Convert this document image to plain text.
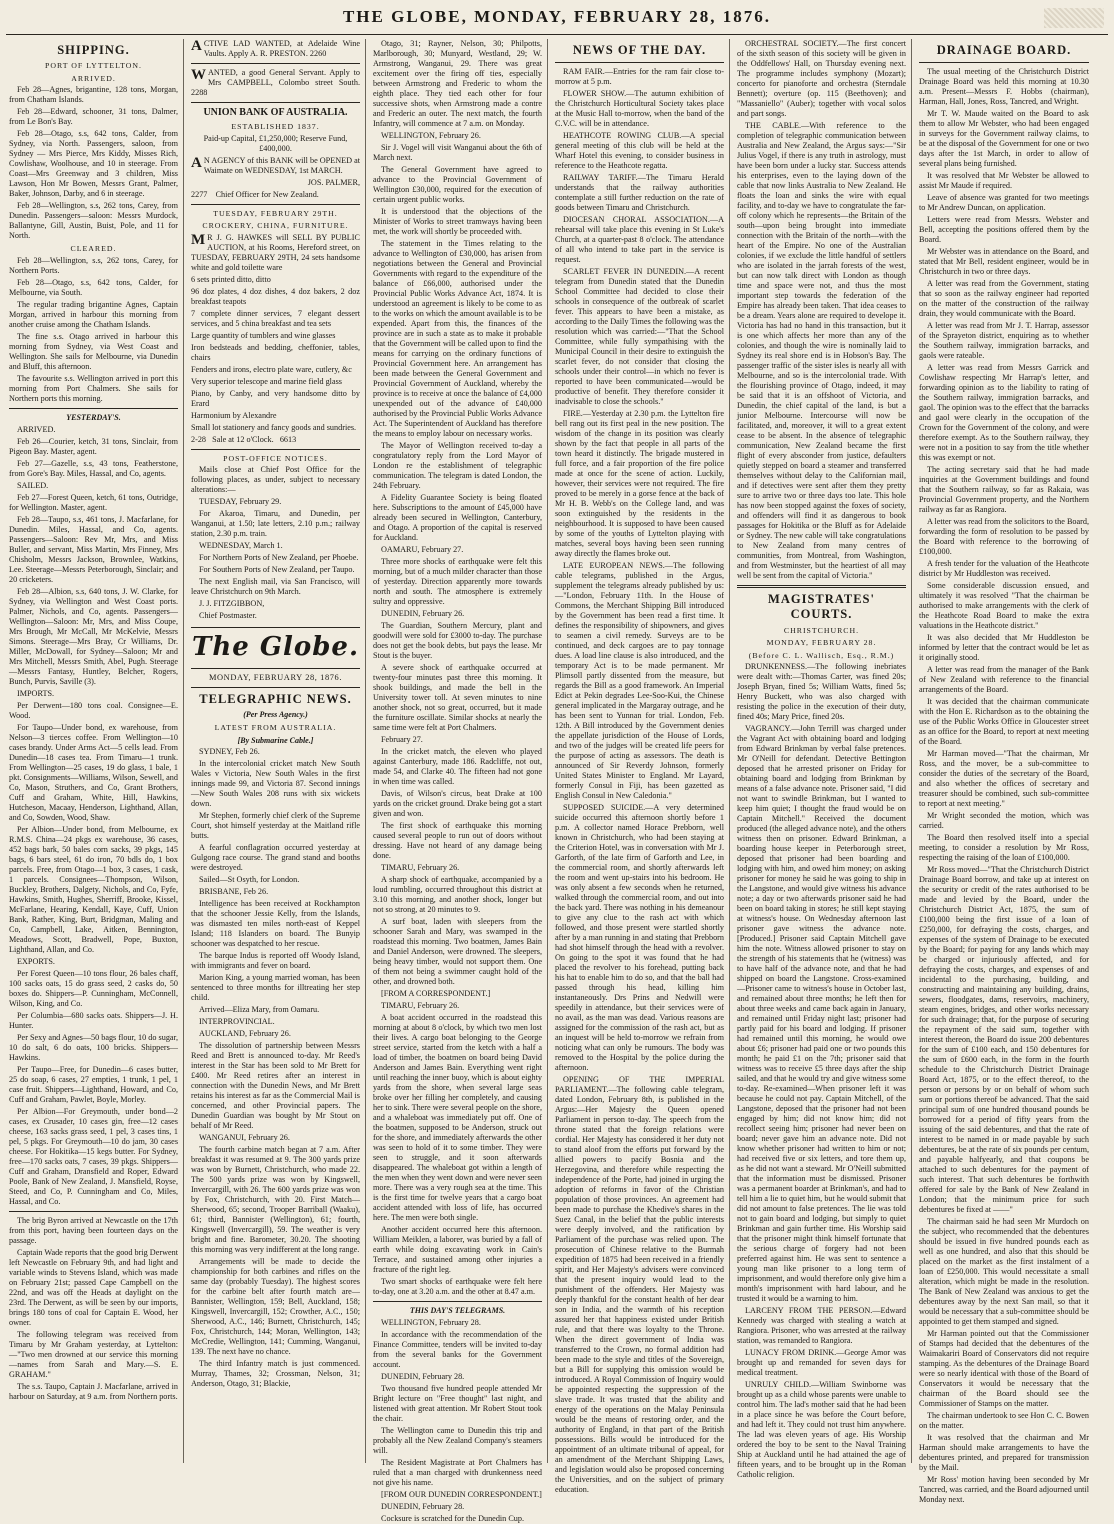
THE GLOBE, MONDAY, FEBRUARY 28, 1876.
SHIPPING.
PORT OF LYTTELTON.
ARRIVED.

Feb 28—Agnes, brigantine, 128 tons, Morgan, from Chatham Islands.

Feb 28—Edward, schooner, 31 tons, Dalmer, from Le Bon's Bay.

Feb 28—Otago, s.s, 642 tons, Calder, from Sydney, via North. Passengers, saloon, from Sydney — Mrs Pierce, Mrs Kiddy, Misses Rich, Cowlishaw, Woolhouse, and 10 in steerage. From Coast—Mrs Greenway and 3 children, Miss Lawson, Hon Mr Bowen, Messrs Grant, Palmer, Baker, Johnson, Darby, and 6 in steerage.

Feb 28—Wellington, s.s, 262 tons, Carey, from Dunedin. Passengers—saloon: Messrs Murdock, Ballantyne, Gill, Austin, Buist, Pole, and 11 for North.

CLEARED.

Feb 28—Wellington, s.s, 262 tons, Carey, for Northern Ports.

Feb 28—Otago, s.s, 642 tons, Calder, for Melbourne, via South.

The regular trading brigantine Agnes, Captain Morgan, arrived in harbour this morning from another cruise among the Chatham Islands.

The fine s.s. Otago arrived in harbour this morning from Sydney, via West Coast and Wellington. She sails for Melbourne, via Dunedin and Bluff, this afternoon.

The favourite s.s. Wellington arrived in port this morning from Port Chalmers. She sails for Northern ports this morning.

YESTERDAY'S.

ARRIVED.

Feb 26—Courier, ketch, 31 tons, Sinclair, from Pigeon Bay. Master, agent.

Feb 27—Gazelle, s.s, 43 tons, Featherstone, from Gore's Bay. Miles, Hassal, and Co, agents.

SAILED.

Feb 27—Forest Queen, ketch, 61 tons, Outridge, for Wellington. Master, agent.

Feb 28—Taupo, s.s, 461 tons, J. Macfarlane, for Dunedin. Miles, Hassal, and Co, agents. Passengers—Saloon: Rev Mr, Mrs, and Miss Buller, and servant, Miss Martin, Mrs Finney, Mrs Chisholm, Messrs Jackson, Brownlee, Watkins, Lee. Steerage—Messrs Peterborough, Sinclair; and 20 cricketers.

Feb 28—Albion, s.s, 640 tons, J. W. Clarke, for Sydney, via Wellington and West Coast ports. Palmer, Nichols, and Co, agents. Passengers—Wellington—Saloon: Mr, Mrs, and Miss Coupe, Mrs Brough, Mr McCall, Mr McKelvie, Messrs Simons. Steerage—Mrs Bray, Cr Williams, Dr. Miller, McDowall, for Sydney—Saloon; Mr and Mrs Mitchell, Messrs Smith, Abel, Pugh. Steerage—Messrs Fantasy, Huntley, Belcher, Rogers, Bunch, Purvis, Saville (3).

IMPORTS.

Per Derwent—180 tons coal. Consignee—E. Wood.

For Taupo—Under bond, ex warehouse, from Nelson—3 tierces coffee. From Wellington—10 cases brandy. Under Arms Act—5 cells lead. From Dunedin—18 cases tea. From Timaru—1 trunk. From Wellington—25 cases, 19 do glass, 1 bale, 1 pkt. Consignments—Williams, Wilson, Sewell, and Co, Mason, Struthers, and Co, Grant Brothers, Cuff and Graham, White, Hill, Hawkins, Hutcheson, Macaay, Henderson, Lighthand, Allan, and Co, Sowden, Wood, Shaw.

Per Albion—Under bond, from Melbourne, ex R.M.S. China—24 pkgs ex warehouse, 36 cases, 452 bags bark, 50 bales corn sacks, 39 pkgs, 145 bags, 6 bars steel, 61 do iron, 70 bdls do, 1 box parcels. Free, from Otago—1 box, 3 cases, 1 cask, 1 parcels. Consignees—Thompson, Wilson, Buckley, Brothers, Dalgety, Nichols, and Co, Fyfe, Hawkins, Smith, Hughes, Sherriff, Brooke, Kissel, McFarlane, Hearing, Kendall, Kaye, Cuff, Union Bank, Rather, King, Burt, Bridgman, Maling and Co, Campbell, Lake, Aitken, Bennington, Meadows, Scott, Bradwell, Pope, Buxton, Lighthand, Allan, and Co.

EXPORTS.

Per Forest Queen—10 tons flour, 26 bales chaff, 100 sacks oats, 15 do grass seed, 2 casks do, 50 boxes do. Shippers—P. Cunningham, McConnell, Wilson, King, and Co.

Per Columbia—680 sacks oats. Shippers—J. H. Hunter.

Per Sexy and Agnes—50 bags flour, 10 do sugar, 10 do salt, 6 do oats, 100 bricks. Shippers—Hawkins.

Per Taupo—Free, for Dunedin—6 cases butter, 25 do soap, 6 cases, 27 empties, 1 trunk, 1 pel, 1 case fruit. Shippers—Lighthand, Howard, and Co, Cuff and Graham, Pawlet, Boyle, Morley.

Per Albion—For Greymouth, under bond—2 cases, ex Crusader, 10 cases gin, free—12 cases cheese, 163 sacks grass seed, 1 pel, 3 cases tins, 1 pel, 5 pkgs. For Greymouth—10 do jam, 30 cases cheese. For Hokitika—15 kegs butter. For Sydney, free—170 sacks oats, 7 cases, 39 pkgs. Shippers—Cuff and Graham, Dransfield and Roper, Edward Poole, Bank of New Zealand, J. Mansfield, Royse, Steed, and Co, P. Cunningham and Co, Miles, Hassal, and Co.

The brig Byron arrived at Newcastle on the 17th from this port, having been fourteen days on the passage.

Captain Wade reports that the good brig Derwent left Newcastle on February 9th, and had light and variable winds to Stevens Island, which was made on February 21st; passed Cape Campbell on the 22nd, and was off the Heads at daylight on the 23rd. The Derwent, as will be seen by our imports, brings 180 tons of coal for Captain E. Wood, her owner.

The following telegram was received from Timaru by Mr Graham yesterday, at Lyttelton:—"Two men drowned at our service this morning—names from Sarah and Mary.—S. E. GRAHAM."

The s.s. Taupo, Captain J. Macfarlane, arrived in harbour on Saturday, at 9 a.m. from Northern ports.

ACTIVE LAD WANTED, at Adelaide Wine Vaults. Apply A. R. PRESTON. 2260

WANTED, a good General Servant. Apply to Mrs CAMPBELL, Colombo street South. 2288

UNION BANK OF AUSTRALIA.
ESTABLISHED 1837.

Paid-up Capital, £1,250,000; Reserve Fund, £400,000.

A N AGENCY of this BANK will be OPENED at Waimate on WEDNESDAY, 1st MARCH.

JOS. PALMER,

2277 Chief Officer for New Zealand.

TUESDAY, FEBRUARY 29TH.
CROCKERY, CHINA, FURNITURE.

M R J. G. HAWKES will SELL BY PUBLIC AUCTION, at his Rooms, Hereford street, on TUESDAY, FEBRUARY 29TH, 24 sets handsome white and gold toilette ware

6 sets printed ditto, ditto

96 doz plates, 4 doz dishes, 4 doz bakers, 2 doz breakfast teapots

7 complete dinner services, 7 elegant dessert services, and 5 china breakfast and tea sets

Large quantity of tumblers and wine glasses

Iron bedsteads and bedding, cheffonier, tables, chairs

Fenders and irons, electro plate ware, cutlery, &c

Very superior telescope and marine field glass

Piano, by Canby, and very handsome ditto by Erard

Harmonium by Alexandre

Small lot stationery and fancy goods and sundries.

2-28 Sale at 12 o'Clock. 6613

POST-OFFICE NOTICES.

Mails close at Chief Post Office for the following places, as under, subject to necessary alterations:—

TUESDAY, February 29.

For Akaroa, Timaru, and Dunedin, per Wanganui, at 1.50; late letters, 2.10 p.m.; railway station, 2.30 p.m. train.

WEDNESDAY, March 1.

For Northern Ports of New Zealand, per Phoebe.

For Southern Ports of New Zealand, per Taupo.

The next English mail, via San Francisco, will leave Christchurch on 9th March.

J. J. FITZGIBBON,

Chief Postmaster.

The Globe.
MONDAY, FEBRUARY 28, 1876.
TELEGRAPHIC NEWS.
(Per Press Agency.)
LATEST FROM AUSTRALIA.
[By Submarine Cable.]

SYDNEY, Feb 26.

In the intercolonial cricket match New South Wales v Victoria, New South Wales in the first innings made 99, and Victoria 87. Second innings—New South Wales 208 runs with six wickets down.

Mr Stephen, formerly chief clerk of the Supreme Court, shot himself yesterday at the Maitland rifle butts.

A fearful conflagration occurred yesterday at Gulgong race course. The grand stand and booths were destroyed.

Sailed—St Osyth, for London.

BRISBANE, Feb 26.

Intelligence has been received at Rockhampton that the schooner Jessie Kelly, from the Islands, was dismasted ten miles north-east of Keppel Island; 118 Islanders on board. The Bunyip schooner was despatched to her rescue.

The barque Indus is reported off Woody Island, with immigrants and fever on board.

Marion King, a young married woman, has been sentenced to three months for illtreating her step child.

Arrived—Eliza Mary, from Oamaru.

INTERPROVINCIAL.

AUCKLAND, February 26.

The dissolution of partnership between Messrs Reed and Brett is announced to-day. Mr Reed's interest in the Star has been sold to Mr Brett for £400. Mr Reed retires after an interest in connection with the Dunedin News, and Mr Brett retains his interest as far as the Commercial Mail is concerned, and other Provincial papers. The Dunedin Guardian was bought by Mr Stout on behalf of Mr Reed.

WANGANUI, February 26.

The fourth carbine match began at 7 a.m. After breakfast it was resumed at 9. The 300 yards prize was won by Burnett, Christchurch, who made 22. The 500 yards prize was won by Kingswell, Invercargill, with 26. The 600 yards prize was won by Fox, Christchurch, with 20. First Match—Sherwood, 65; second, Trooper Barriball (Waaku), 61; third, Bannister (Wellington), 61; fourth, Kingswell (Invercargill), 59. The weather is very bright and fine. Barometer, 30.20. The shooting this morning was very indifferent at the long range.

Arrangements will be made to decide the championship for both carbines and rifles on the same day (probably Tuesday). The highest scores for the carbine belt after fourth match are—Bannister, Wellington, 159; Bell, Auckland, 158; Kingswell, Invercargill, 152; Crowther, A.C., 150; Sherwood, A.C., 146; Burnett, Christchurch, 145; Fox, Christchurch, 144; Moran, Wellington, 143; McCredie, Wellington, 141; Cumming, Wanganui, 139. The next have no chance.

The third Infantry match is just commenced. Murray, Thames, 32; Crossman, Nelson, 31; Anderson, Otago, 31; Blackie,

Otago, 31; Rayner, Nelson, 30; Philpotts, Marlborough, 30; Munyard, Westland, 29; W. Armstrong, Wanganui, 29. There was great excitement over the firing off ties, especially between Armstrong and Frederic to whom the eighth place. They tied each other for four successive shots, when Armstrong made a contre and Frederic an outer. The next match, the fourth Infantry, will commence at 7 a.m. on Monday.

WELLINGTON, February 26.

Sir J. Vogel will visit Wanganui about the 6th of March next.

The General Government have agreed to advance to the Provincial Government of Wellington £30,000, required for the execution of certain urgent public works.

It is understood that the objections of the Minister of Works to street tramways having been met, the work will shortly be proceeded with.

The statement in the Times relating to the advance to Wellington of £30,000, has arisen from negotiations between the General and Provincial Governments with regard to the expenditure of the balance of £66,000, authorised under the Provincial Public Works Advance Act, 1874. It is understood an agreement is likely to be come to as to the works on which the amount available is to be expended. Apart from this, the finances of the province are in such a state as to make it probable that the Government will be called upon to find the means for carrying on the ordinary functions of Provincial Government here. An arrangement has been made between the General Government and Provincial Government of Auckland, whereby the province is to receive at once the balance of £4,000 unexpended out of the advance of £40,000 authorised by the Provincial Public Works Advance Act. The Superintendent of Auckland has therefore the means to employ labour on necessary works.

The Mayor of Wellington received to-day a congratulatory reply from the Lord Mayor of London re the establishment of telegraphic communication. The telegram is dated London, the 24th February.

A Fidelity Guarantee Society is being floated here. Subscriptions to the amount of £45,000 have already been secured in Wellington, Canterbury, and Otago. A proportion of the capital is reserved for Auckland.

OAMARU, February 27.

Three more shocks of earthquake were felt this morning, but of a much milder character than those of yesterday. Direction apparently more towards north and south. The atmosphere is extremely sultry and oppressive.

DUNEDIN, February 26.

The Guardian, Southern Mercury, plant and goodwill were sold for £3000 to-day. The purchase does not get the book debts, but pays the lease. Mr Stout is the buyer.

A severe shock of earthquake occurred at twenty-four minutes past three this morning. It shook buildings, and made the bell in the University tower toll. At seven minutes to nine another shock, not so great, occurred, but it made the furniture oscillate. Similar shocks at nearly the same time were felt at Port Chalmers.

February 27.

In the cricket match, the eleven who played against Canterbury, made 186. Radcliffe, not out, made 54, and Clarke 40. The fifteen had not gone in when time was called.

Davis, of Wilson's circus, beat Drake at 100 yards on the cricket ground. Drake being got a start given and won.

The first shock of earthquake this morning caused several people to run out of doors without dressing. Have not heard of any damage being done.

TIMARU, February 26.

A sharp shock of earthquake, accompanied by a loud rumbling, occurred throughout this district at 3.10 this morning, and another shock, longer but not so strong, at 20 minutes to 9.

A surf boat, laden with sleepers from the schooner Sarah and Mary, was swamped in the roadstead this morning. Two boatmen, James Bain and Daniel Anderson, were drowned. The sleepers, being heavy timber, would not support them. One of them not being a swimmer caught hold of the other, and drowned both.

[FROM A CORRESPONDENT.]

TIMARU, February 26.

A boat accident occurred in the roadstead this morning at about 8 o'clock, by which two men lost their lives. A cargo boat belonging to the George street service, started from the ketch with a half a load of timber, the boatmen on board being David Anderson and James Bain. Everything went right until reaching the inner buoy, which is about eighty yards from the shore, when several large seas broke over her filling her completely, and causing her to sink. There were several people on the shore, and a whaleboat was immediately put off. One of the boatmen, supposed to be Anderson, struck out for the shore, and immediately afterwards the other was seen to hold of it to some timber. They were seen to struggle, and it soon afterwards disappeared. The whaleboat got within a length of the men when they went down and were never seen more. There was a very rough sea at the time. This is the first time for twelve years that a cargo boat accident attended with loss of life, has occurred here. The men were both single.

Another accident occurred here this afternoon. William Meiklen, a laborer, was buried by a fall of earth while doing excavating work in Cain's Terrace, and sustained among other injuries a fracture of the right leg.

Two smart shocks of earthquake were felt here to-day, one at 3.20 a.m. and the other at 8.47 a.m.

THIS DAY'S TELEGRAMS.

WELLINGTON, February 28.

In accordance with the recommendation of the Finance Committee, tenders will be invited to-day from the several banks for the Government account.

DUNEDIN, February 28.

Two thousand five hundred people attended Mr Bright lecture on "Free thought" last night, and listened with great attention. Mr Robert Stout took the chair.

The Wellington came to Dunedin this trip and probably all the New Zealand Company's steamers will.

The Resident Magistrate at Port Chalmers has ruled that a man charged with drunkenness need not give his name.

[FROM OUR DUNEDIN CORRESPONDENT.]

DUNEDIN, February 28.

Cocksure is scratched for the Dunedin Cup.

NEWS OF THE DAY.

RAM FAIR.—Entries for the ram fair close to-morrow at 5 p.m.

FLOWER SHOW.—The autumn exhibition of the Christchurch Horticultural Society takes place at the Music Hall to-morrow, when the band of the C.V.C. will be in attendance.

HEATHCOTE ROWING CLUB.—A special general meeting of this club will be held at the Wharf Hotel this evening, to consider business in reference to the Heathcote regatta.

RAILWAY TARIFF.—The Timaru Herald understands that the railway authorities contemplate a still further reduction on the rate of goods between Timaru and Christchurch.

DIOCESAN CHORAL ASSOCIATION.—A rehearsal will take place this evening in St Luke's Church, at a quarter-past 8 o'clock. The attendance of all who intend to take part in the service is request.

SCARLET FEVER IN DUNEDIN.—A recent telegram from Dunedin stated that the Dunedin School Committee had decided to close their schools in consequence of the outbreak of scarlet fever. This appears to have been a mistake, as according to the Daily Times the following was the resolution which was carried:—"That the School Committee, while fully sympathising with the Municipal Council in their desire to extinguish the scarlet fever, do not consider that closing the schools under their control—in which no fever is reported to have been communicated—would be productive of benefit. They therefore consider it inadvisable to close the schools."

FIRE.—Yesterday at 2.30 p.m. the Lyttelton fire bell rang out its first peal in the new position. The wisdom of the change in its position was clearly shown by the fact that people in all parts of the town heard it distinctly. The brigade mustered in full force, and a fair proportion of the fire police made at once for the scene of action. Luckily, however, their services were not required. The fire proved to be merely in a gorse fence at the back of Mr H. B. Webb's on the College land, and was soon extinguished by the residents in the neighbourhood. It is supposed to have been caused by some of the youths of Lyttelton playing with matches, several boys having been seen running away directly the flames broke out.

LATE EUROPEAN NEWS.—The following cable telegrams, published in the Argus, supplement the telegrams already published by us:—"London, February 11th. In the House of Commons, the Merchant Shipping Bill introduced by the Government has been read a first time. It defines the responsibility of shipowners, and gives to seamen a civil remedy. Surveys are to be continued, and deck cargoes are to pay tonnage dues. A load line clause is also introduced, and the temporary Act is to be made permanent. Mr Plimsoll partly dissented from the measure, but regards the Bill as a good framework. An Imperial Edict at Pekin degrades Lee-Soo-Kui, the Chinese general implicated in the Margaray outrage, and he has been sent to Yunnan for trial. London, Feb. 12th. A Bill introduced by the Government denies the appellate jurisdiction of the House of Lords, and two of the judges will be created life peers for the purpose of acting as assessors. The death is announced of Sir Reverdy Johnson, formerly United States Minister to England. Mr Layard, formerly Consul in Fiji, has been gazetted as English Consul in New Caledonia."

SUPPOSED SUICIDE.—A very determined suicide occurred this afternoon shortly before 1 p.m. A collector named Horace Prebborn, well known in Christchurch, who had been staying at the Criterion Hotel, was in conversation with Mr J. Garforth, of the late firm of Garforth and Lee, in the commercial room, and shortly afterwards left the room and went up-stairs into his bedroom. He was only absent a few seconds when he returned, walked through the commercial room, and out into the back yard. There was nothing in his demeanour to give any clue to the rash act with which followed, and those present were startled shortly after by a man running in and stating that Prebborn had shot himself through the head with a revolver. On going to the spot it was found that he had placed the revolver to his forehead, putting back his hat to enable him to do so, and that the ball had passed through his head, killing him instantaneously. Drs Prins and Nedwill were speedily in attendance, but their services were of no avail, as the man was dead. Various reasons are assigned for the commission of the rash act, but as an inquest will be held to-morrow we refrain from noticing what can only be rumours. The body was removed to the Hospital by the police during the afternoon.

OPENING OF THE IMPERIAL PARLIAMENT.—The following cable telegram, dated London, February 8th, is published in the Argus:—Her Majesty the Queen opened Parliament in person to-day. The speech from the throne stated that the foreign relations were cordial. Her Majesty has considered it her duty not to stand aloof from the efforts put forward by the allied powers to pacify Bosnia and the Herzegovina, and therefore while respecting the independence of the Porte, had joined in urging the adoption of reforms in favor of the Christian population of those provinces. An agreement had been made to purchase the Khedive's shares in the Suez Canal, in the belief that the public interests were deeply involved, and the ratification by Parliament of the purchase was relied upon. The prosecution of Chinese relative to the Burmah expedition of 1875 had been received in a friendly spirit, and Her Majesty's advisers were convinced that the present inquiry would lead to the punishment of the offenders. Her Majesty was deeply thankful for the constant health of her dear son in India, and the warmth of his reception assured her that happiness existed under British rule, and that there was loyalty to the Throne. When the direct government of India was transferred to the Crown, no formal addition had been made to the style and titles of the Sovereign, but a Bill for supplying this omission would be introduced. A Royal Commission of Inquiry would be appointed respecting the suppression of the slave trade. It was trusted that the ability and energy of the operations on the Malay Peninsula would be the means of restoring order, and the authority of England, in that part of the British possessions. Bills would be introduced for the appointment of an ultimate tribunal of appeal, for an amendment of the Merchant Shipping Laws, and legislation would also be proposed concerning the Universities, and on the subject of primary education.

ORCHESTRAL SOCIETY.—The first concert of the sixth season of this society will be given in the Oddfellows' Hall, on Thursday evening next. The programme includes symphony (Mozart); concerto for pianoforte and orchestra (Sterndale Bennett); overture (op. 115 (Beethoven); and "Massaniello" (Auber); together with vocal solos and part songs.

THE CABLE.—With reference to the completion of telegraphic communication between Australia and New Zealand, the Argus says:—"Sir Julius Vogel, if there is any truth in astrology, must have been born under a lucky star. Success attends his enterprises, even to the laying down of the cable that now links Australia to New Zealand. He floats the loan and sinks the wire with equal facility, and to-day we have to congratulate the far-off colony which he represents—the Britain of the south—upon being brought into immediate connection with the Britain of the north—with the heart of the Empire. No one of the Australian colonies, if we exclude the little handful of settlers who are isolated in the jarrah forests of the west, but can now talk direct with London as though time and space were not, and thus the most important step towards the federation of the Empire has already been taken. That idea ceases to be a dream. Years alone are required to develope it. Victoria has had no hand in this transaction, but it is one which affects her more than any of the colonies, and though the wire is nominally laid to Sydney its real shore end is in Hobson's Bay. The passenger traffic of the sister isles is nearly all with Melbourne, and so is the intercolonial trade. With the flourishing province of Otago, indeed, it may be said that it is an offshoot of Victoria, and Dunedin, the chief capital of the land, is but a junior Melbourne. Intercourse will now be facilitated, and, moreover, it will to a great extent cease to be absent. In the absence of telegraphic communication, New Zealand became the first flight of every absconder from justice, defaulters quietly stepped on board a steamer and transferred themselves without delay to the Californian mail, and if detectives were sent after them they pretty sure to arrive two or three days too late. This hole has now been stopped against the foxes of society, and offenders will find it as dangerous to book passages for Hokitika or the Bluff as for Adelaide or Sydney. The new cable will take congratulations to New Zealand from many centres of communities, from Montreal, from Washington, and from Westminster, but the heartiest of all may well be sent from the capital of Victoria."

MAGISTRATES' COURTS.
CHRISTCHURCH.
MONDAY, FEBRUARY 28.
(Before C. L. Wallisch, Esq., R.M.)

DRUNKENNESS.—The following inebriates were dealt with:—Thomas Carter, was fined 20s; Joseph Bryan, fined 5s; William Watts, fined 5s; Henry Buckett, who was also charged with resisting the police in the execution of their duty, fined 40s; Mary Price, fined 20s.

VAGRANCY.—John Terrill was charged under the Vagrant Act with obtaining board and lodging from Edward Brinkman by verbal false pretences. Mr O'Neill for defendant. Detective Bettington deposed that he arrested prisoner on Friday for obtaining board and lodging from Brinkman by means of a false advance note. Prisoner said, "I did not want to swindle Brinkman, but I wanted to keep him quiet; I thought the fraud would be on Captain Mitchell." Received the document produced (the alleged advance note), and the others witness then on prisoner. Edward Brinkman, a boarding house keeper in Peterborough street, deposed that prisoner had been boarding and lodging with him, and owed him money; on asking prisoner for money he said he was going to ship in the Langstone, and would give witness his advance note; a day or two afterwards prisoner said he had been on board taking in stores; he still kept staying at witness's house. On Wednesday afternoon last prisoner gave witness the advance note. [Produced.] Prisoner said Captain Mitchell gave him the note. Witness allowed prisoner to stay on the strength of his statements that he (witness) was to have half of the advance note, and that he had shipped on board the Langstone. Cross-examined—Prisoner came to witness's house in October last, and remained about three months; he left then for about three weeks and came back again in January, and remained until Friday night last; prisoner had partly paid for his board and lodging. If prisoner had remained until this morning, he would owe about £6; prisoner had paid one or two pounds this month; he paid £1 on the 7th; prisoner said that witness was to receive £5 three days after the ship sailed, and that he would try and give witness some to-day. Re-examined—When prisoner left it was because he could not pay. Captain Mitchell, of the Langstone, deposed that the prisoner had not been engaged by him; did not know him; did not recollect seeing him; prisoner had never been on board; never gave him an advance note. Did not know whether prisoner had written to him or not; had received five or six letters, and tore them up, as he did not want a steward. Mr O'Neill submitted that the information must be dismissed. Prisoner was a permanent boarder at Brinkman's, and had to tell him a lie to quiet him, but he would submit that did not amount to false pretences. The lie was told not to gain board and lodging, but simply to quiet Brinkman and gain further time. His Worship said that the prisoner might think himself fortunate that the serious charge of forgery had not been preferred against him. He was sent to sentence a young man like prisoner to a long term of imprisonment, and would therefore only give him a month's imprisonment with hard labour, and he trusted it would be a warning to him.

LARCENY FROM THE PERSON.—Edward Kennedy was charged with stealing a watch at Rangiora. Prisoner, who was arrested at the railway station, was remanded to Rangiora.

LUNACY FROM DRINK.—George Amor was brought up and remanded for seven days for medical treatment.

UNRULY CHILD.—William Swinborne was brought up as a child whose parents were unable to control him. The lad's mother said that he had been in a place since he was before the Court before, and had left it. They could not trust him anywhere. The lad was eleven years of age. His Worship ordered the boy to be sent to the Naval Training Ship at Auckland until he had attained the age of fifteen years, and to be brought up in the Roman Catholic religion.

DRAINAGE BOARD.

The usual meeting of the Christchurch District Drainage Board was held this morning at 10.30 a.m. Present—Messrs F. Hobbs (chairman), Harman, Hall, Jones, Ross, Tancred, and Wright.

Mr T. W. Maude waited on the Board to ask them to allow Mr Webster, who had been engaged in surveys for the Government railway claims, to be at the disposal of the Government for one or two days after the 1st March, in order to allow of several plans being furnished.

It was resolved that Mr Webster be allowed to assist Mr Maude if required.

Leave of absence was granted for two meetings to Mr Andrew Duncan, on application.

Letters were read from Messrs. Webster and Bell, accepting the positions offered them by the Board.

Mr Webster was in attendance on the Board, and stated that Mr Bell, resident engineer, would be in Christchurch in two or three days.

A letter was read from the Government, stating that so soon as the railway engineer had reported on the matter of the construction of the railway drain, they would communicate with the Board.

A letter was read from Mr J. T. Harrap, assessor of the Sprayeton district, enquiring as to whether the Southern railway, immigration barracks, and gaols were rateable.

A letter was read from Messrs Garrick and Cowlishaw respecting Mr Harrap's letter, and forwarding opinion as to the liability to rating of the Southern railway, immigration barracks, and gaol. The opinion was to the effect that the barracks and gaol were clearly in the occupation of the Crown for the Government of the colony, and were therefore exempt. As to the Southern railway, they were not in a position to say from the title whether this was exempt or not.

The acting secretary said that he had made inquiries at the Government buildings and found that the Southern railway, so far as Rakaia, was Provincial Government property, and the Northern railway as far as Rangiora.

A letter was read from the solicitors to the Board, forwarding the form of resolution to be passed by the Board with reference to the borrowing of £100,000.

A fresh tender for the valuation of the Heathcote district by Mr Huddleston was received.

Some considerable discussion ensued, and ultimately it was resolved "That the chairman be authorised to make arrangements with the clerk of the Heathcote Road Board to make the extra valuations in the Heathcote district."

It was also decided that Mr Huddleston be informed by letter that the contract would be let as it originally stood.

A letter was read from the manager of the Bank of New Zealand with reference to the financial arrangements of the Board.

It was decided that the chairman communicate with the Hon E. Richardson as to the obtaining the use of the Public Works Office in Gloucester street as an office for the Board, to report at next meeting of the Board.

Mr Harman moved—"That the chairman, Mr Ross, and the mover, be a sub-committee to consider the duties of the secretary of the Board, and also whether the offices of secretary and treasurer should be combined, such sub-committee to report at next meeting."

Mr Wright seconded the motion, which was carried.

The Board then resolved itself into a special meeting, to consider a resolution by Mr Ross, respecting the raising of the loan of £100,000.

Mr Ross moved—"That the Christchurch District Drainage Board borrow, and take up at interest on the security or credit of the rates authorised to be made and levied by the Board, under the Christchurch District Act, 1875, the sum of £100,000 being the first issue of a loan of £250,000, for defraying the costs, charges, and expenses of the system of Drainage to be executed by the Board; for paying for any lands which may be charged or injuriously affected, and for defraying the costs, charges, and expenses of and incidental to the purchasing, building, and constructing and maintaining any building, drains, sewers, floodgates, dams, reservoirs, machinery, steam engines, bridges, and other works necessary for such drainage; that, for the purpose of securing the repayment of the said sum, together with interest thereon, the Board do issue 200 debentures for the sum of £100 each, and 150 debentures for the sum of £600 each, in the form in the fourth schedule to the Christchurch District Drainage Board Act, 1875, or to the effect thereof, to the person or persons by or on behalf of whom such sum or portions thereof be advanced. That the said principal sum of one hundred thousand pounds be borrowed for a period of fifty years from the issuing of the said debentures, and that the rate of interest to be named in or made payable by such debentures, be at the rate of six pounds per centum, and payable halfyearly, and that coupons be attached to such debentures for the payment of such interest. That such debentures be forthwith offered for sale by the Bank of New Zealand in London; that the minimum price for such debentures be fixed at ——"

The chairman said he had seen Mr Murdoch on the subject, who recommended that the debentures should be issued in five hundred pounds each as well as one hundred, and also that this should be placed on the market as the first instalment of a loan of £250,000. This would necessitate a small alteration, which might be made in the resolution. The Bank of New Zealand was anxious to get the debentures away by the next San mail, so that it would be necessary that a sub-committee should be appointed to get them stamped and signed.

Mr Harman pointed out that the Commissioner of Stamps had decided that the debentures of the Waimakariri Board of Conservators did not require stamping. As the debentures of the Drainage Board were so nearly identical with those of the Board of Conservators it would be necessary that the chairman of the Board should see the Commissioner of Stamps on the matter.

The chairman undertook to see Hon C. C. Bowen on the matter.

It was resolved that the chairman and Mr Harman should make arrangements to have the debentures printed, and prepared for transmission by the Mail.

Mr Ross' motion having been seconded by Mr Tancred, was carried, and the Board adjourned until Monday next.
